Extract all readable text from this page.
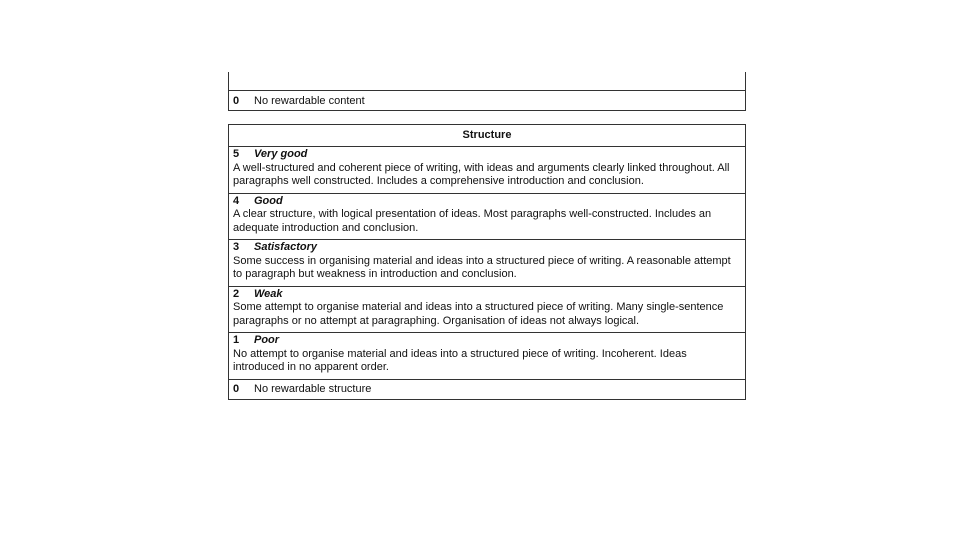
0 No rewardable content
Structure
5 Very good
A well-structured and coherent piece of writing, with ideas and arguments clearly linked throughout. All paragraphs well constructed. Includes a comprehensive introduction and conclusion.
4 Good
A clear structure, with logical presentation of ideas. Most paragraphs well-constructed. Includes an adequate introduction and conclusion.
3 Satisfactory
Some success in organising material and ideas into a structured piece of writing. A reasonable attempt to paragraph but weakness in introduction and conclusion.
2 Weak
Some attempt to organise material and ideas into a structured piece of writing. Many single-sentence paragraphs or no attempt at paragraphing. Organisation of ideas not always logical.
1 Poor
No attempt to organise material and ideas into a structured piece of writing. Incoherent. Ideas introduced in no apparent order.
0 No rewardable structure
